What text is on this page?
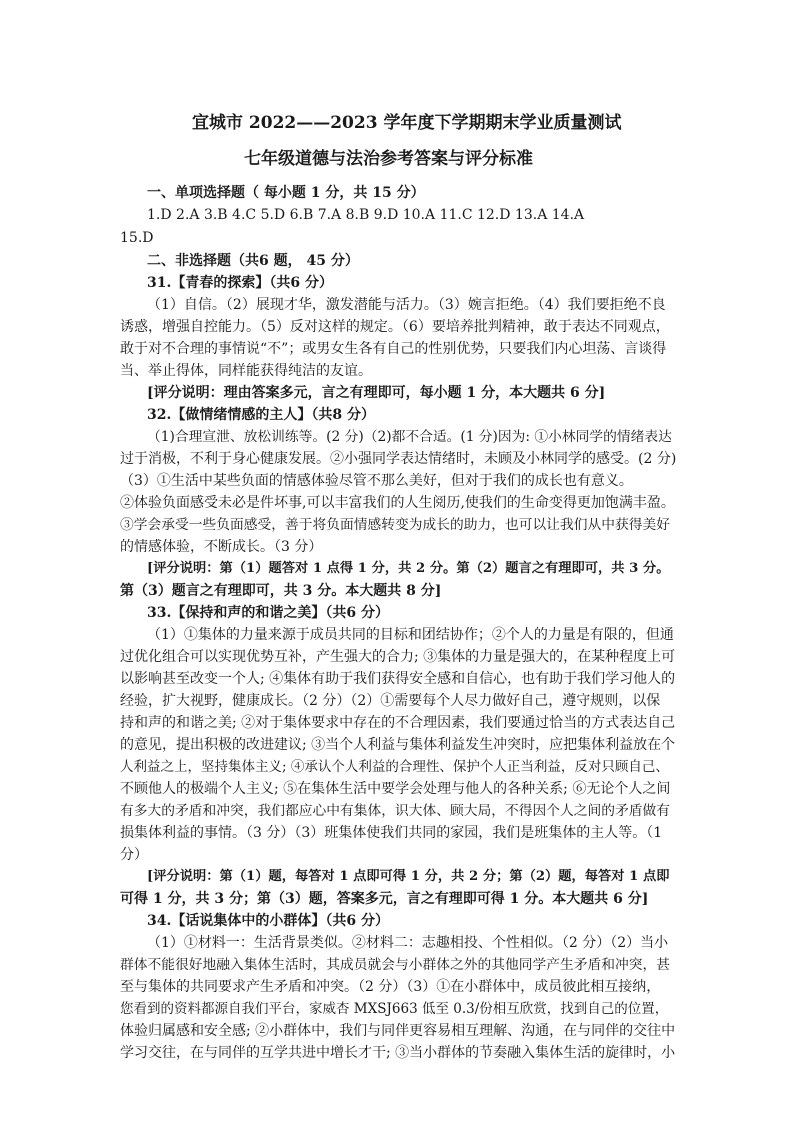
宜城市 2022——2023 学年度下学期期末学业质量测试
七年级道德与法治参考答案与评分标准
一、单项选择题（ 每小题 1 分，共 15 分）
1.D 2.A 3.B 4.C 5.D 6.B 7.A 8.B 9.D 10.A 11.C 12.D 13.A 14.A
15.D
二、非选择题（共6 题， 45 分）
31.【青春的探索】（共6 分）
（1）自信。（2）展现才华，激发潜能与活力。（3）婉言拒绝。（4）我们要拒绝不良
诱惑，增强自控能力。（5）反对这样的规定。（6）要培养批判精神，敢于表达不同观点，
敢于对不合理的事情说“不”；或男女生各有自己的性别优势，只要我们内心坦荡、言谈得
当、举止得体，同样能获得纯洁的友谊。
[评分说明：理由答案多元，言之有理即可，每小题 1 分，本大题共 6 分]
32.【做情绪情感的主人】（共8 分）
（1)合理宣泄、放松训练等。(2 分)（2)都不合适。(1 分)因为: ①小林同学的情绪表达
过于消极，不利于身心健康发展。②小强同学表达情绪时，未顾及小林同学的感受。(2 分)
（3）①生活中某些负面的情感体验尽管不那么美好，但对于我们的成长也有意义。
②体验负面感受未必是件坏事,可以丰富我们的人生阅历,使我们的生命变得更加饱满丰盈。
③学会承受一些负面感受，善于将负面情感转变为成长的助力，也可以让我们从中获得美好
的情感体验，不断成长。（3 分）
[评分说明：第（1）题答对 1 点得 1 分，共 2 分。第（2）题言之有理即可，共 3 分。
第（3）题言之有理即可，共 3 分。本大题共 8 分]
33.【保持和声的和谐之美】（共6 分）
（1）①集体的力量来源于成员共同的目标和团结协作；②个人的力量是有限的，但通
过优化组合可以实现优势互补，产生强大的合力; ③集体的力量是强大的，在某种程度上可
以影响甚至改变一个人; ④集体有助于我们获得安全感和自信心，也有助于我们学习他人的
经验，扩大视野，健康成长。（2 分）（2）①需要每个人尽力做好自己，遵守规则，以保
持和声的和谐之美; ②对于集体要求中存在的不合理因素，我们要通过恰当的方式表达自己
的意见，提出积极的改进建议; ③当个人利益与集体利益发生冲突时，应把集体利益放在个
人利益之上，坚持集体主义; ④承认个人利益的合理性、保护个人正当利益，反对只顾自己、
不顾他人的极端个人主义; ⑤在集体生活中要学会处理与他人的各种关系; ⑥无论个人之间
有多大的矛盾和冲突，我们都应心中有集体，识大体、顾大局，不得因个人之间的矛盾做有
损集体利益的事情。（3 分）（3）班集体使我们共同的家园，我们是班集体的主人等。（1
分）
[评分说明：第（1）题，每答对 1 点即可得 1 分，共 2 分；第（2）题，每答对 1 点即
可得 1 分，共 3 分；第（3）题，答案多元，言之有理即可得 1 分。本大题共 6 分]
34.【话说集体中的小群体】（共6 分）
（1）①材料一：生活背景类似。②材料二：志趣相投、个性相似。（2 分）（2）当小
群体不能很好地融入集体生活时，其成员就会与小群体之外的其他同学产生矛盾和冲突，甚
至与集体的共同要求产生矛盾和冲突。（2 分）（3）①在小群体中，成员彼此相互接纳，
您看到的资料都源自我们平台，家威杏 MXSJ663 低至 0.3/份相互欣赏，找到自己的位置，
体验归属感和安全感; ②小群体中，我们与同伴更容易相互理解、沟通，在与同伴的交往中
学习交往，在与同伴的互学共进中增长才干; ③当小群体的节奏融入集体生活的旋律时，小
